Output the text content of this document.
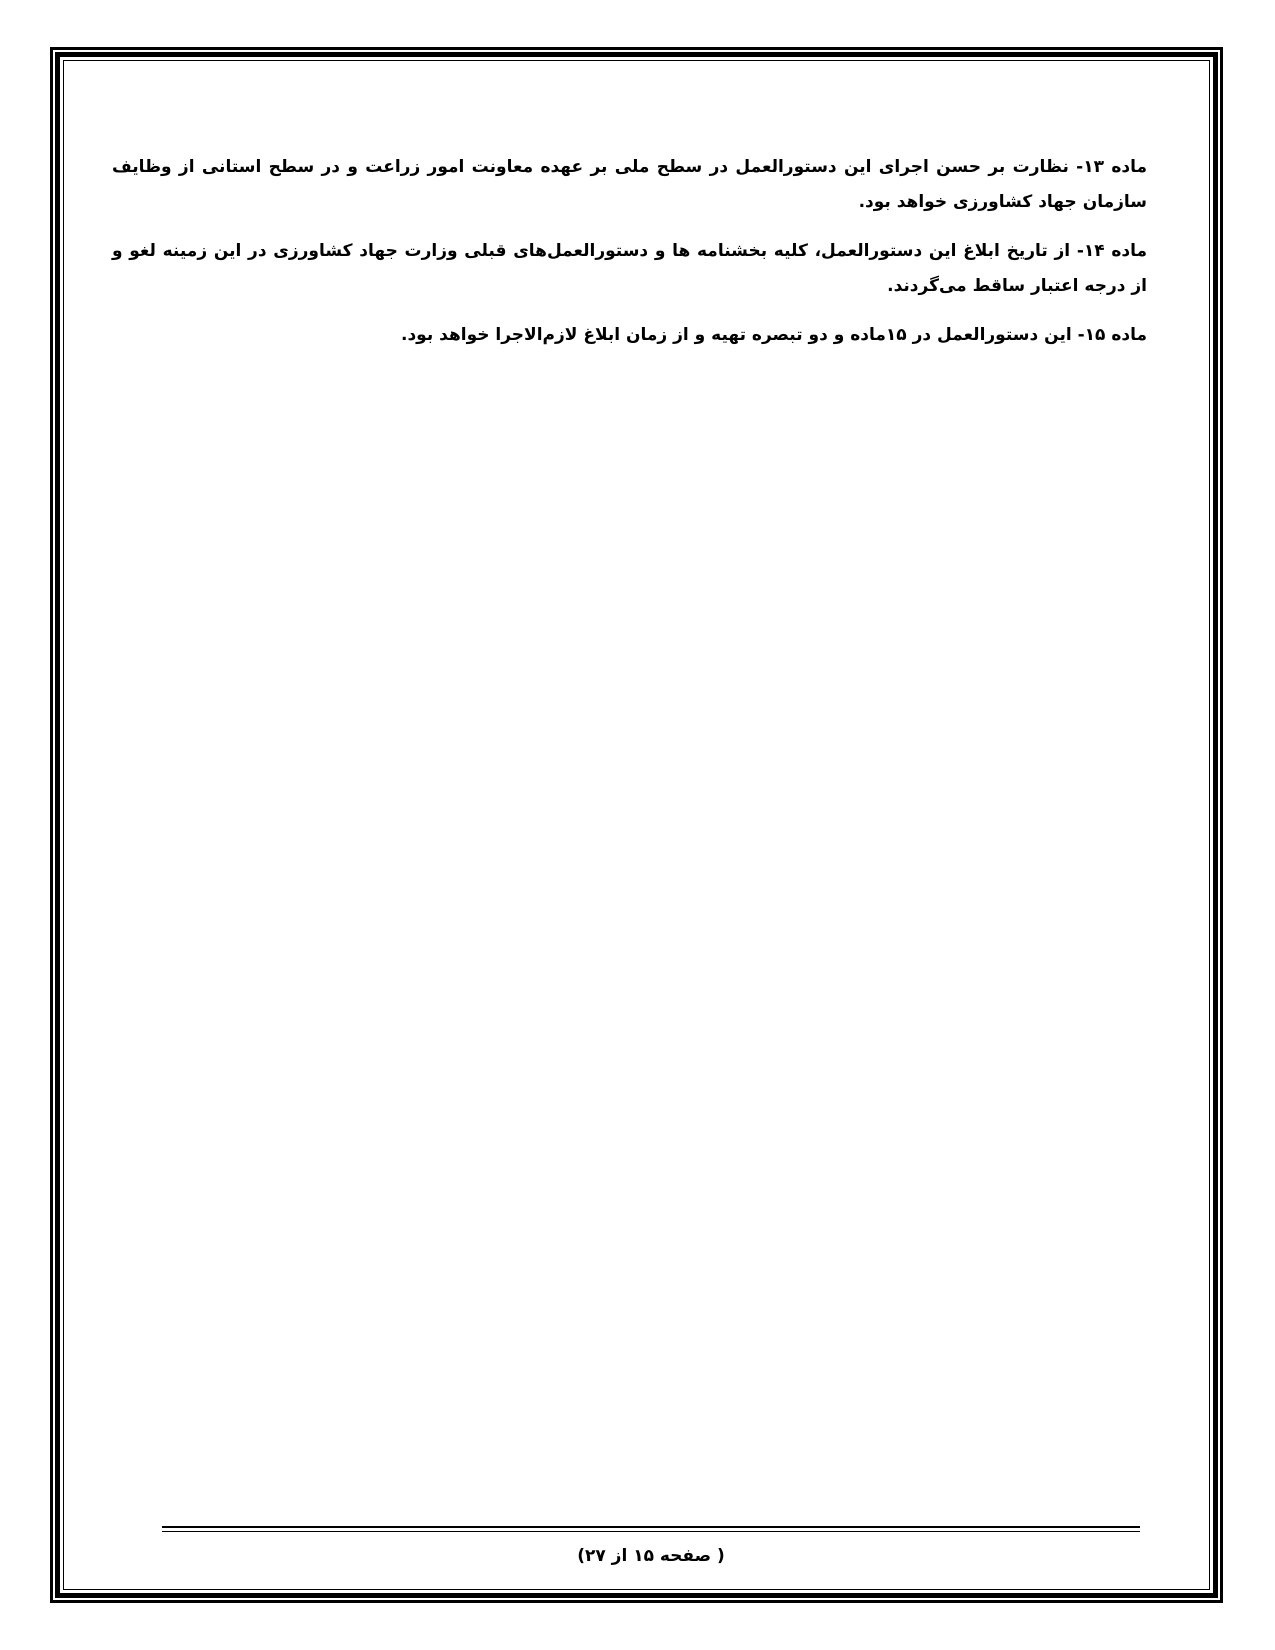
ماده ۱۳- نظارت بر حسن اجرای این دستورالعمل در سطح ملی بر عهده معاونت امور زراعت و در سطح استانی از وظایف سازمان جهاد کشاورزی خواهد بود.

ماده ۱۴- از تاریخ ابلاغ این دستورالعمل، کلیه بخشنامه ها و دستورالعمل‌های قبلی وزارت جهاد کشاورزی در این زمینه لغو و از درجه اعتبار ساقط می‌گردند.

ماده ۱۵- این دستورالعمل در ۱۵ماده و دو تبصره تهیه و از زمان ابلاغ لازم‌الاجرا خواهد بود.

( صفحه ۱۵ از ۲۷)
